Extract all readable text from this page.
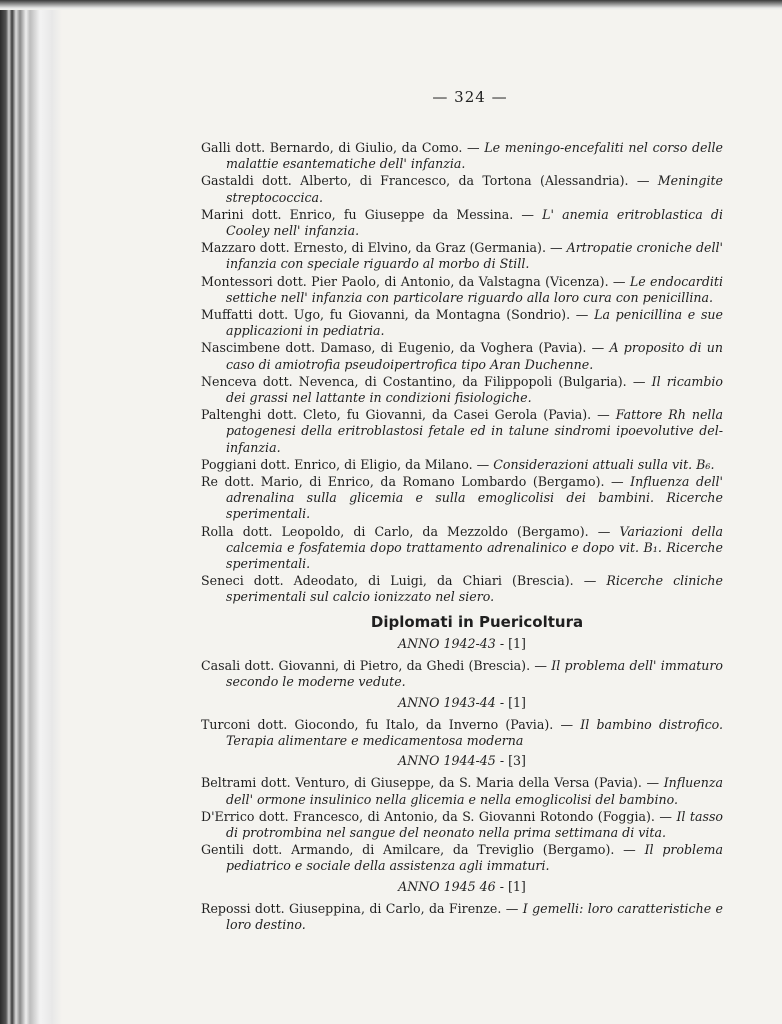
— 324 —
Galli dott. Bernardo, di Giulio, da Como. — Le meningo-encefaliti nel corso delle malattie esantematiche dell' infanzia.
Gastaldi dott. Alberto, di Francesco, da Tortona (Alessandria). — Meningite streptococcica.
Marini dott. Enrico, fu Giuseppe da Messina. — L' anemia eritroblastica di Cooley nell' infanzia.
Mazzaro dott. Ernesto, di Elvino, da Graz (Germania). — Artropatie croniche dell' infanzia con speciale riguardo al morbo di Still.
Montessori dott. Pier Paolo, di Antonio, da Valstagna (Vicenza). — Le endocarditi settiche nell' infanzia con particolare riguardo alla loro cura con penicillina.
Muffatti dott. Ugo, fu Giovanni, da Montagna (Sondrio). — La penicillina e sue applicazioni in pediatria.
Nascimbene dott. Damaso, di Eugenio, da Voghera (Pavia). — A proposito di un caso di amiotrofia pseudoipertrofica tipo Aran Duchenne.
Nenceva dott. Nevenca, di Costantino, da Filippopoli (Bulgaria). — Il ricambio dei grassi nel lattante in condizioni fisiologiche.
Paltenghi dott. Cleto, fu Giovanni, da Casei Gerola (Pavia). — Fattore Rh nella patogenesi della eritroblastosi fetale ed in talune sindromi ipoevolutive del-infanzia.
Poggiani dott. Enrico, di Eligio, da Milano. — Considerazioni attuali sulla vit. B₆.
Re dott. Mario, di Enrico, da Romano Lombardo (Bergamo). — Influenza dell' adrenalina sulla glicemia e sulla emoglicolisi dei bambini. Ricerche sperimentali.
Rolla dott. Leopoldo, di Carlo, da Mezzoldo (Bergamo). — Variazioni della calcemia e fosfatemia dopo trattamento adrenalinico e dopo vit. B₁. Ricerche sperimentali.
Seneci dott. Adeodato, di Luigi, da Chiari (Brescia). — Ricerche cliniche sperimentali sul calcio ionizzato nel siero.
Diplomati in Puericoltura
ANNO 1942-43 - [1]
Casali dott. Giovanni, di Pietro, da Ghedi (Brescia). — Il problema dell' immaturo secondo le moderne vedute.
ANNO 1943-44 - [1]
Turconi dott. Giocondo, fu Italo, da Inverno (Pavia). — Il bambino distrofico. Terapia alimentare e medicamentosa moderna
ANNO 1944-45 - [3]
Beltrami dott. Venturo, di Giuseppe, da S. Maria della Versa (Pavia). — Influenza dell' ormone insulinico nella glicemia e nella emoglicolisi del bambino.
D'Errico dott. Francesco, di Antonio, da S. Giovanni Rotondo (Foggia). — Il tasso di protrombina nel sangue del neonato nella prima settimana di vita.
Gentili dott. Armando, di Amilcare, da Treviglio (Bergamo). — Il problema pediatrico e sociale della assistenza agli immaturi.
ANNO 1945 46 - [1]
Repossi dott. Giuseppina, di Carlo, da Firenze. — I gemelli: loro caratteristiche e loro destino.
